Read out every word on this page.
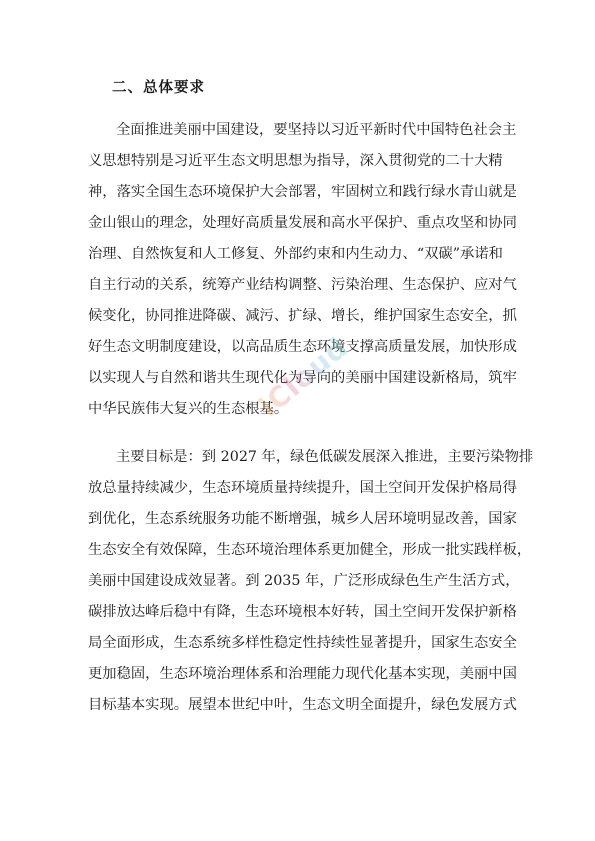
二、总体要求

全面推进美丽中国建设，要坚持以习近平新时代中国特色社会主
义思想特别是习近平生态文明思想为指导，深入贯彻党的二十大精
神，落实全国生态环境保护大会部署，牢固树立和践行绿水青山就是
金山银山的理念，处理好高质量发展和高水平保护、重点攻坚和协同
治理、自然恢复和人工修复、外部约束和内生动力、“双碳”承诺和
自主行动的关系，统筹产业结构调整、污染治理、生态保护、应对气
候变化，协同推进降碳、减污、扩绿、增长，维护国家生态安全，抓
好生态文明制度建设，以高品质生态环境支撑高质量发展，加快形成
以实现人与自然和谐共生现代化为导向的美丽中国建设新格局，筑牢
中华民族伟大复兴的生态根基。

主要目标是：到 2027 年，绿色低碳发展深入推进，主要污染物排
放总量持续减少，生态环境质量持续提升，国土空间开发保护格局得
到优化，生态系统服务功能不断增强，城乡人居环境明显改善，国家
生态安全有效保障，生态环境治理体系更加健全，形成一批实践样板，
美丽中国建设成效显著。到 2035 年，广泛形成绿色生产生活方式，
碳排放达峰后稳中有降，生态环境根本好转，国土空间开发保护新格
局全面形成，生态系统多样性稳定性持续性显著提升，国家生态安全
更加稳固，生态环境治理体系和治理能力现代化基本实现，美丽中国
目标基本实现。展望本世纪中叶，生态文明全面提升，绿色发展方式

iCloud
